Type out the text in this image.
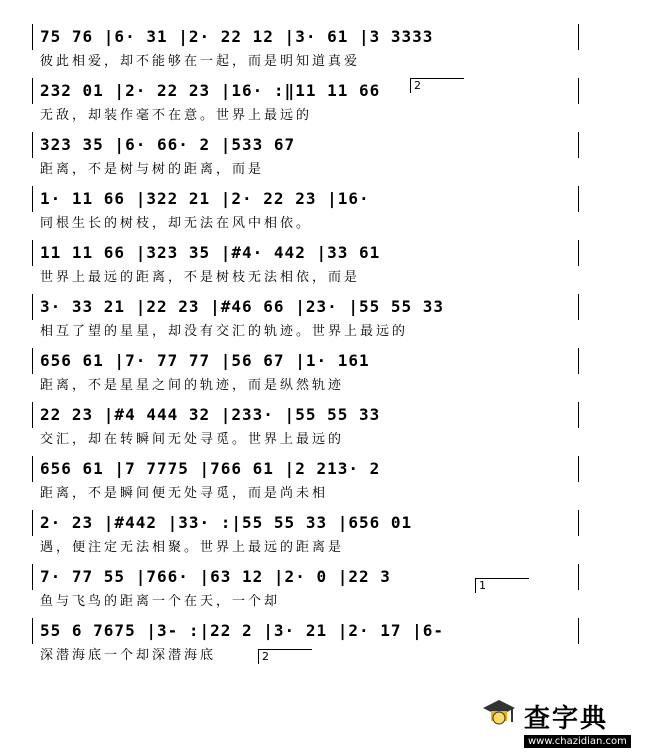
75 76 |6· 31 |2· 22 12 |3· 61 |3 3333
彼此相爱，却不能够在一起，而是明知道真爱
232 01 |2· 22 23 |16· :‖11 11 66
无敌，却装作毫不在意。世界上最远的
323 35 |6· 66· 2 |533 67
距离，不是树与树的距离，而是
1· 11 66 |322 21 |2· 22 23 |16·
同根生长的树枝，却无法在风中相依。
11 11 66 |323 35 |#4· 442 |33 61
世界上最远的距离，不是树枝无法相依，而是
3· 33 21 |22 23 |#46 66 |23· |55 55 33
相互了望的星星，却没有交汇的轨迹。世界上最远的
656 61 |7· 77 77 |56 67 |1· 161
距离，不是星星之间的轨迹，而是纵然轨迹
22 23 |#4 444 32 |233· |55 55 33
交汇，却在转瞬间无处寻觅。世界上最远的
656 61 |7 7775 |766 61 |2 213· 2
距离，不是瞬间便无处寻觅，而是尚未相
2· 23 |#442 |33· :|55 55 33 |656 01
遇，便注定无法相聚。世界上最远的距离是
7· 77 55 |766· |63 12 |2· 0 |22 3
鱼与飞鸟的距离一个在天，一个却
55 6 7675 |3- :|22 2 |3· 21 |2· 17 |6-
深潜海底一个却深潜海底
2
1
2
查字典
www.chazidian.com
